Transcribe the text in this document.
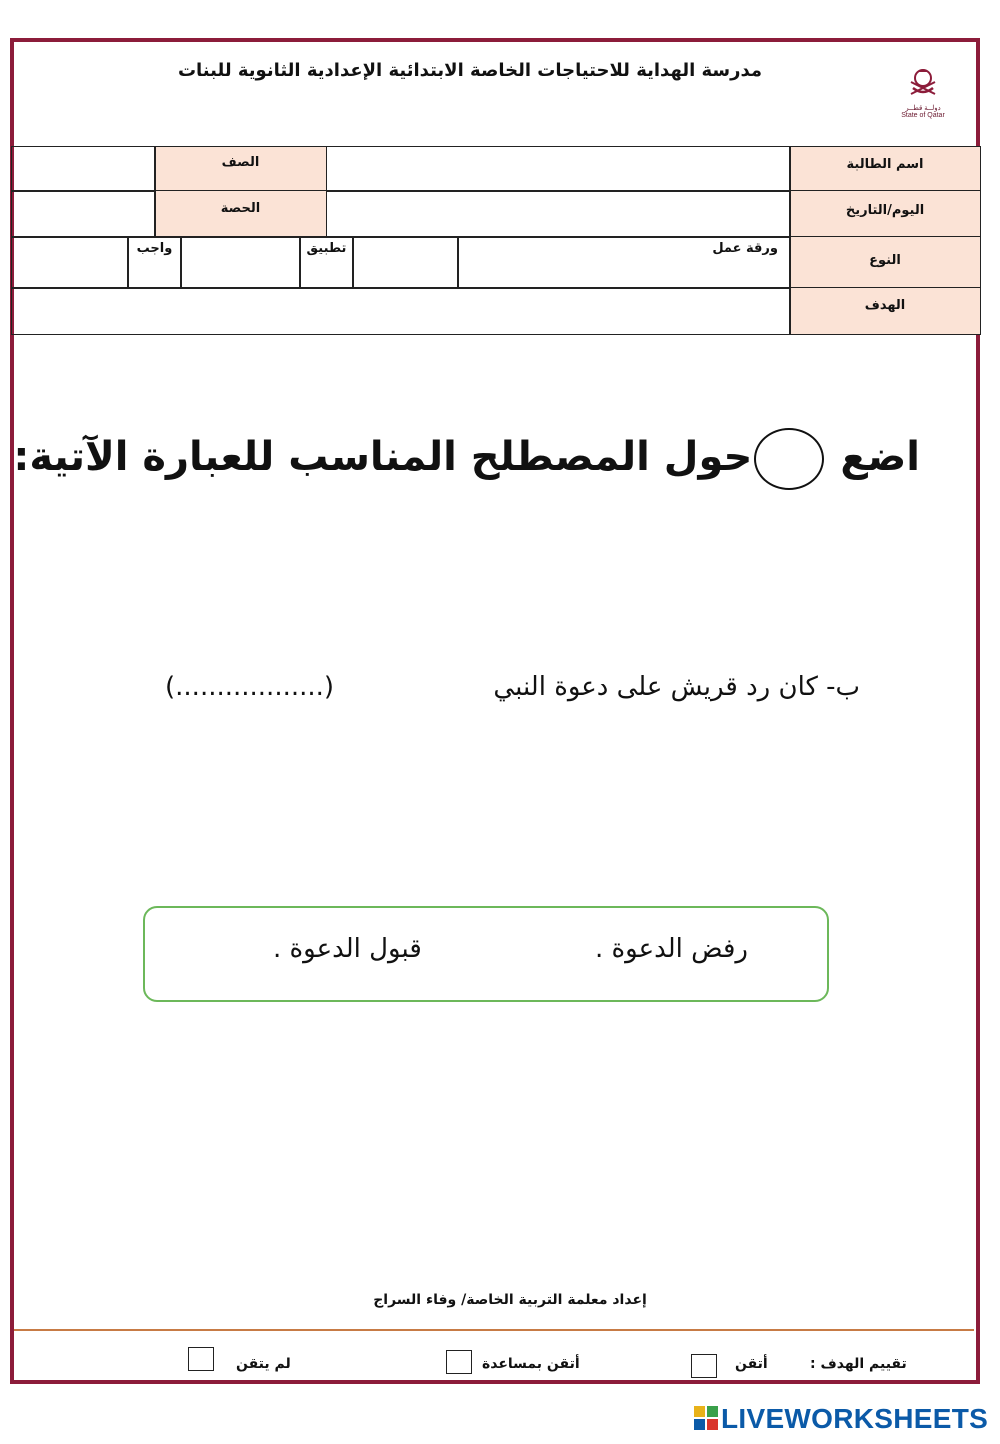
مدرسة الهداية للاحتياجات الخاصة الابتدائية الإعدادية الثانوية للبنات
دولــة قطــر
State of Qatar
اسم الطالبة
الصف
اليوم/التاريخ
الحصة
النوع
ورقة عمل
تطبيق
واجب
الهدف
اضع حول المصطلح المناسب للعبارة الآتية:
ب- كان رد قريش على دعوة النبي
(..................)
رفض الدعوة .
قبول الدعوة .
إعداد معلمة التربية الخاصة/ وفاء السراج
تقييم الهدف :
أتقن
أتقن بمساعدة
لم يتقن
LIVEWORKSHEETS
